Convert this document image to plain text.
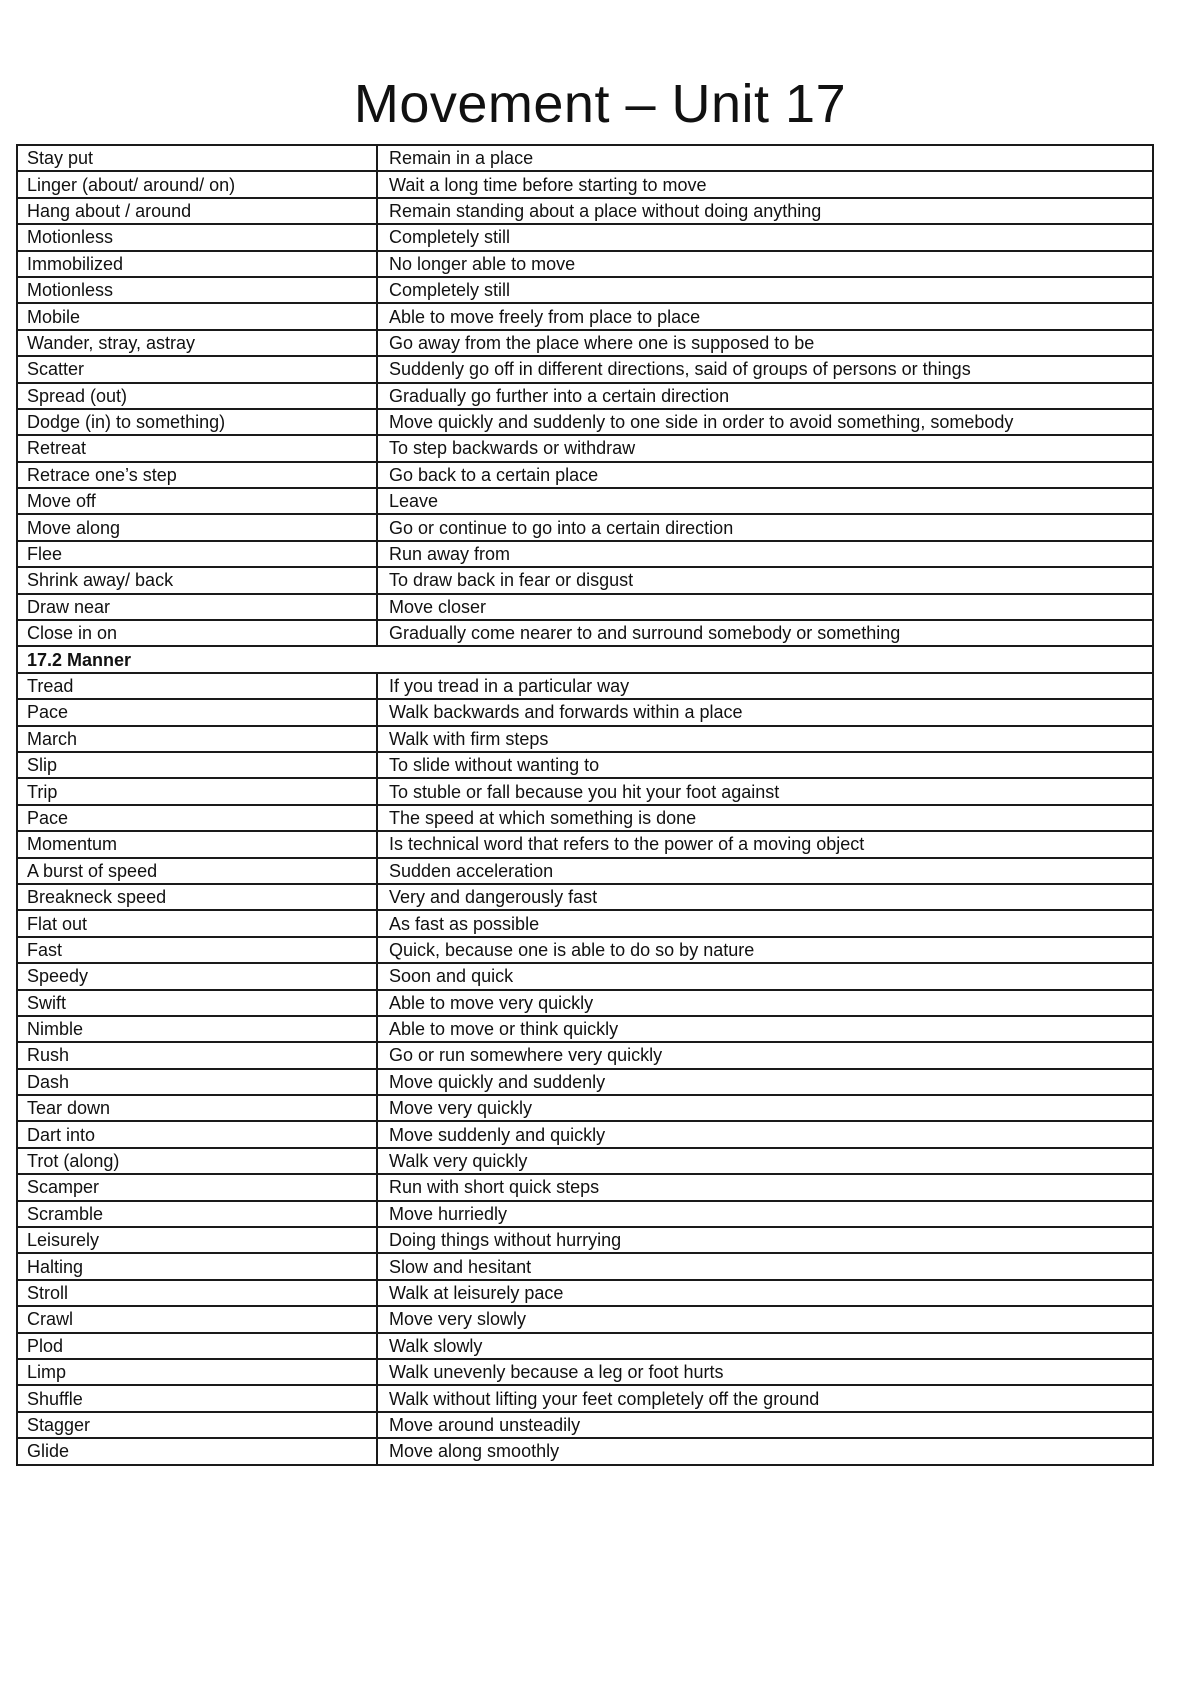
Movement – Unit 17
Stay put	Remain in a place
Linger (about/ around/ on)	Wait a long time before starting to move
Hang about / around	Remain standing about a place without doing anything
Motionless	Completely still
Immobilized	No longer able to move
Motionless	Completely still
Mobile	Able to move freely from place to place
Wander, stray, astray	Go away from the place where one is supposed to be
Scatter	Suddenly go off in different directions, said of groups of persons or things
Spread (out)	Gradually go further into a certain direction
Dodge (in) to something)	Move quickly and suddenly to one side in order to avoid something, somebody
Retreat	To step backwards or withdraw
Retrace one’s step	Go back to a certain place
Move off	Leave
Move along	Go or continue to go into a certain direction
Flee	Run away from
Shrink away/ back	To draw back in fear or disgust
Draw near	Move closer
Close in on	Gradually come nearer to and surround somebody or something
17.2 Manner	
Tread	If you tread in a particular way
Pace	Walk backwards and forwards within a place
March	Walk with firm steps
Slip	To slide without wanting to
Trip	To stuble or fall because you hit your foot against
Pace	The speed at which something is done
Momentum	Is technical word that refers to the power of a moving object
A burst of speed	Sudden acceleration
Breakneck speed	Very and dangerously fast
Flat out	As fast as possible
Fast	Quick, because one is able to do so by nature
Speedy	Soon and quick
Swift	Able to move very quickly
Nimble	Able to move or think quickly
Rush	Go or run somewhere very quickly
Dash	Move quickly and suddenly
Tear down	Move very quickly
Dart into	Move suddenly and quickly
Trot (along)	Walk very quickly
Scamper	Run with short quick steps
Scramble	Move hurriedly
Leisurely	Doing things without hurrying
Halting	Slow and hesitant
Stroll	Walk at leisurely pace
Crawl	Move very slowly
Plod	Walk slowly
Limp	Walk unevenly because a leg or foot hurts
Shuffle	Walk without lifting your feet completely off the ground
Stagger	Move around unsteadily
Glide	Move along smoothly
